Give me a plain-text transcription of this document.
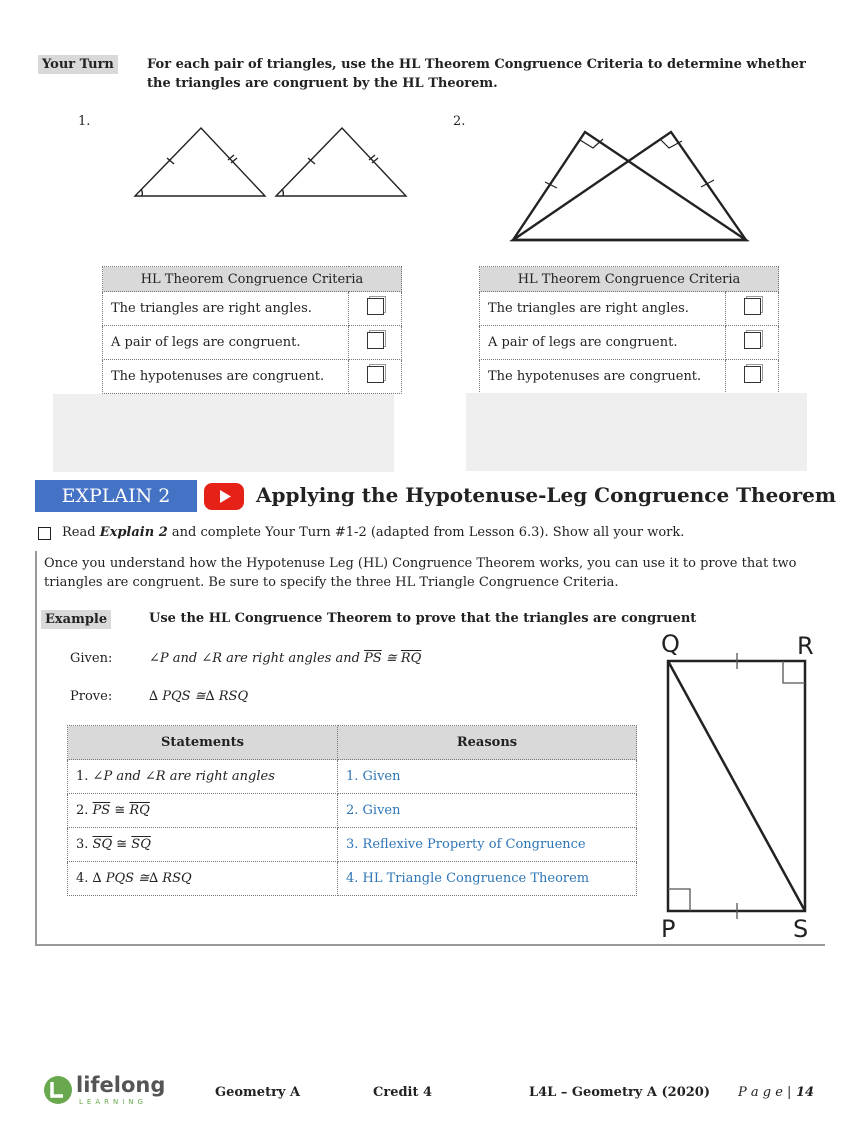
Your Turn	For each pair of triangles, use the HL Theorem Congruence Criteria to determine whether the triangles are congruent by the HL Theorem.
1.	2.
HL Theorem Congruence Criteria	
The triangles are right angles.	
A pair of legs are congruent.	
The hypotenuses are congruent.	
HL Theorem Congruence Criteria	
The triangles are right angles.	
A pair of legs are congruent.	
The hypotenuses are congruent.	
EXPLAIN 2	Applying the Hypotenuse-Leg Congruence Theorem
Read Explain 2 and complete Your Turn #1-2 (adapted from Lesson 6.3). Show all your work.
Once you understand how the Hypotenuse Leg (HL) Congruence Theorem works, you can use it to prove that two triangles are congruent. Be sure to specify the three HL Triangle Congruence Criteria.
Example	Use the HL Congruence Theorem to prove that the triangles are congruent
Given:	∠P and ∠R are right angles and $\overline{PS}$ ≅ $\overline{RQ}$
Prove:	∆ PQS ≅∆ RSQ
Statements	Reasons
1. ∠P and ∠R are right angles	1. Given
2. $\overline{PS}$ ≅ $\overline{RQ}$	2. Given
3. $\overline{SQ}$ ≅ $\overline{SQ}$	3. Reflexive Property of Congruence
4. ∆ PQS ≅∆ RSQ	4. HL Triangle Congruence Theorem
Q	R
P	S
lifelong
LEARNING
Geometry A	Credit 4	L4L – Geometry A (2020) P a g e | 14
